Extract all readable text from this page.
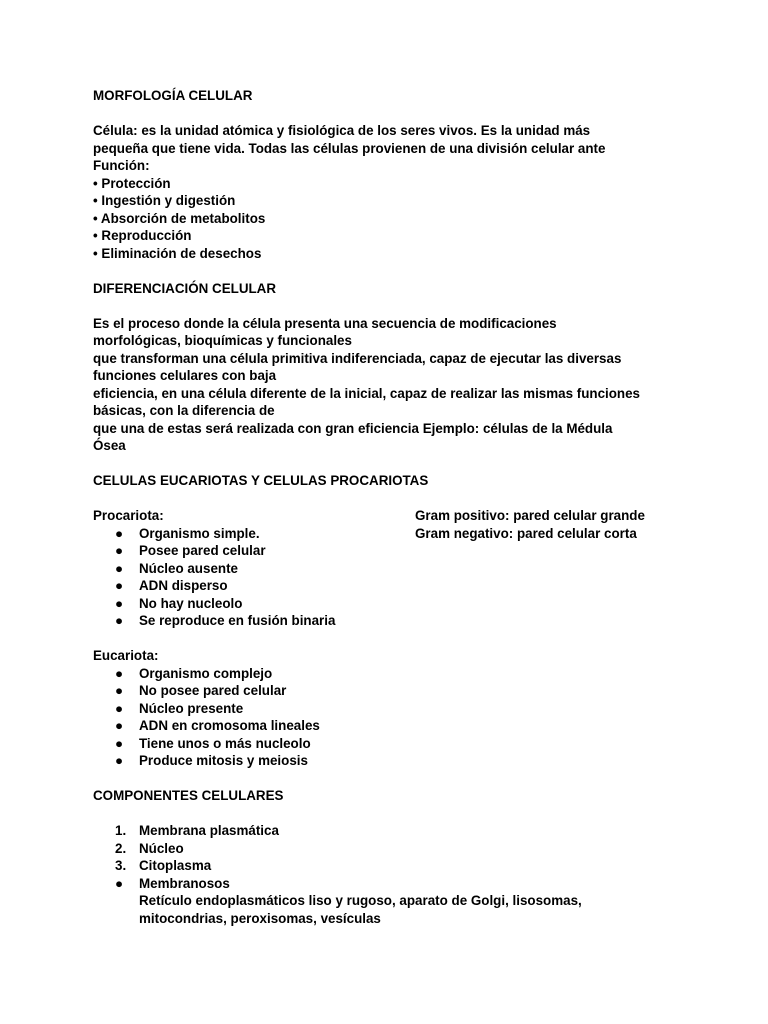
MORFOLOGÍA CELULAR
Célula: es la unidad atómica y fisiológica de los seres vivos. Es la unidad más
pequeña que tiene vida. Todas las células provienen de una división celular ante
Función:
• Protección
• Ingestión y digestión
• Absorción de metabolitos
• Reproducción
• Eliminación de desechos
DIFERENCIACIÓN CELULAR
Es el proceso donde la célula presenta una secuencia de modificaciones
morfológicas, bioquímicas y funcionales
que transforman una célula primitiva indiferenciada, capaz de ejecutar las diversas
funciones celulares con baja
eficiencia, en una célula diferente de la inicial, capaz de realizar las mismas funciones
básicas, con la diferencia de
que una de estas será realizada con gran eficiencia Ejemplo: células de la Médula
Ósea
CELULAS EUCARIOTAS Y CELULAS PROCARIOTAS
Procariota:	Gram positivo: pared celular grande
● Organismo simple.	Gram negativo: pared celular corta
● Posee pared celular
● Núcleo ausente
● ADN disperso
● No hay nucleolo
● Se reproduce en fusión binaria
Eucariota:
● Organismo complejo
● No posee pared celular
● Núcleo presente
● ADN en cromosoma lineales
● Tiene unos o más nucleolo
● Produce mitosis y meiosis
COMPONENTES CELULARES
1. Membrana plasmática
2. Núcleo
3. Citoplasma
● Membranosos
Retículo endoplasmáticos liso y rugoso, aparato de Golgi, lisosomas,
mitocondrias, peroxisomas, vesículas
